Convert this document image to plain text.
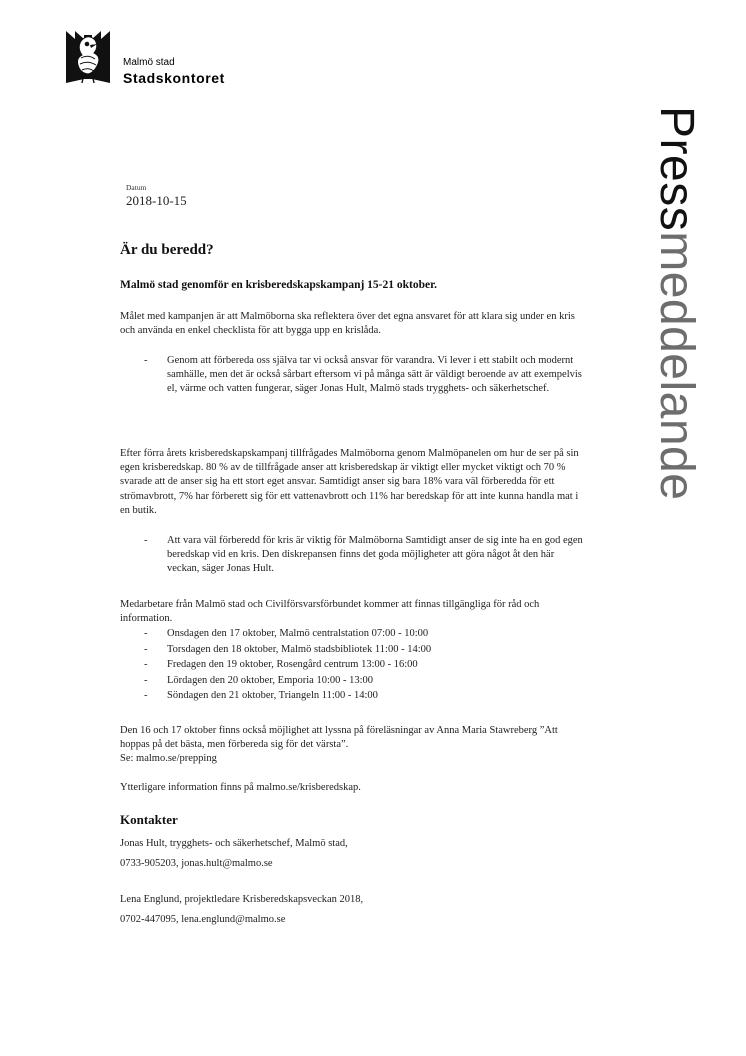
Malmö stad
Stadskontoret
Pressmeddelande
Datum
2018-10-15
Är du beredd?
Malmö stad genomför en krisberedskapskampanj 15-21 oktober.
Målet med kampanjen är att Malmöborna ska reflektera över det egna ansvaret för att klara sig under en kris och använda en enkel checklista för att bygga upp en krislåda.
- Genom att förbereda oss själva tar vi också ansvar för varandra. Vi lever i ett stabilt och modernt samhälle, men det är också sårbart eftersom vi på många sätt är väldigt beroende av att exempelvis el, värme och vatten fungerar, säger Jonas Hult, Malmö stads trygghets- och säkerhetschef.
Efter förra årets krisberedskapskampanj tillfrågades Malmöborna genom Malmöpanelen om hur de ser på sin egen krisberedskap. 80 % av de tillfrågade anser att krisberedskap är viktigt eller mycket viktigt och 70 % svarade att de anser sig ha ett stort eget ansvar. Samtidigt anser sig bara 18% vara väl förberedda för ett strömavbrott, 7% har förberett sig för ett vattenavbrott och 11% har beredskap för att inte kunna handla mat i en butik.
- Att vara väl förberedd för kris är viktig för Malmöborna Samtidigt anser de sig inte ha en god egen beredskap vid en kris. Den diskrepansen finns det goda möjligheter att göra något åt den här veckan, säger Jonas Hult.
Medarbetare från Malmö stad och Civilförsvarsförbundet kommer att finnas tillgängliga för råd och information.
- Onsdagen den 17 oktober, Malmö centralstation 07:00 - 10:00
- Torsdagen den 18 oktober, Malmö stadsbibliotek 11:00 - 14:00
- Fredagen den 19 oktober, Rosengård centrum 13:00 - 16:00
- Lördagen den 20 oktober, Emporia 10:00 - 13:00
- Söndagen den 21 oktober, Triangeln 11:00 - 14:00
Den 16 och 17 oktober finns också möjlighet att lyssna på föreläsningar av Anna Maria Stawreberg ”Att hoppas på det bästa, men förbereda sig för det värsta”.
Se: malmo.se/prepping
Ytterligare information finns på malmo.se/krisberedskap.
Kontakter
Jonas Hult, trygghets- och säkerhetschef, Malmö stad,
0733-905203, jonas.hult@malmo.se
Lena Englund, projektledare Krisberedskapsveckan 2018,
0702-447095, lena.englund@malmo.se
